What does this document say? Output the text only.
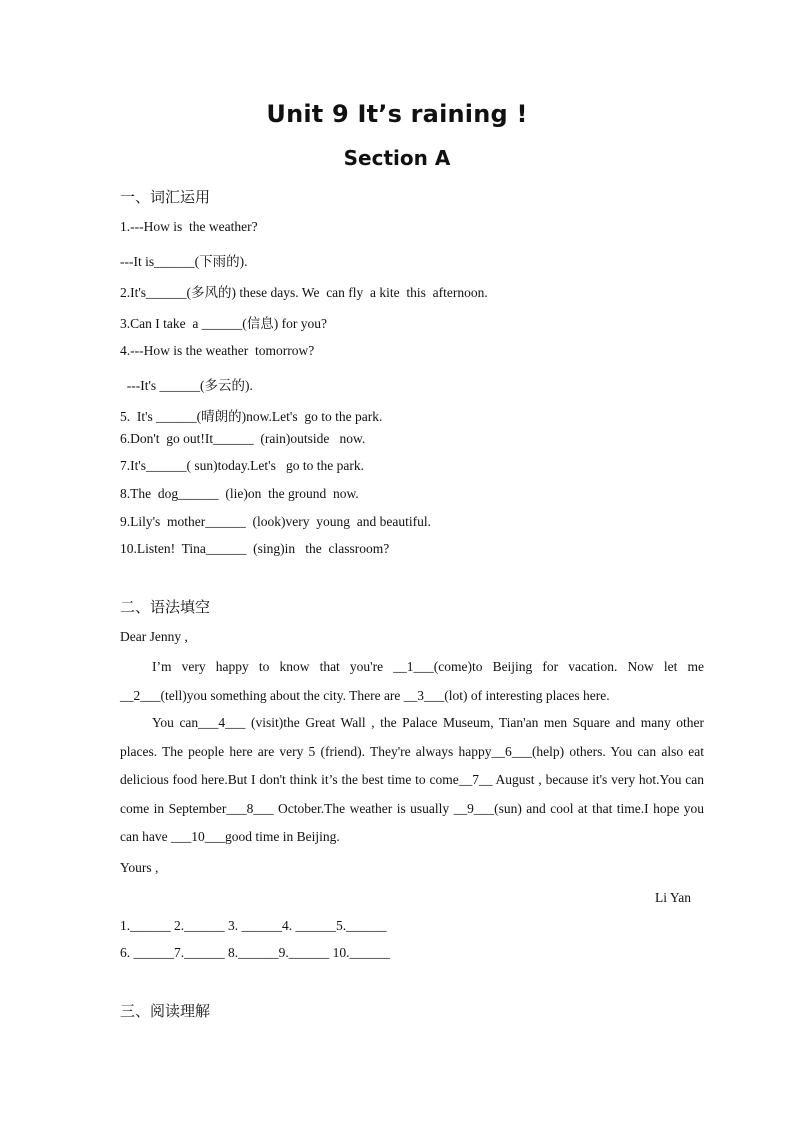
Unit 9 It’s raining !
Section A
一、词汇运用
1.---How is  the weather?
---It is______(下雨的).
2.It's______(多风的) these days. We  can fly  a kite  this  afternoon.
3.Can I take  a ______(信息) for you?
4.---How is the weather  tomorrow?
---It's ______(多云的).
5.  It's ______(晴朗的)now.Let's  go to the park.
6.Don't  go out!It______  (rain)outside   now.
7.It's______( sun)today.Let's   go to the park.
8.The  dog______  (lie)on  the ground  now.
9.Lily's  mother______  (look)very  young  and beautiful.
10.Listen!  Tina______  (sing)in   the  classroom?
二、语法填空
Dear Jenny ,
I’m very happy to know that you're __1___(come)to Beijing for vacation. Now let me __2___(tell)you something about the city. There are __3___(lot) of interesting places here.
You can___4___ (visit)the Great Wall , the Palace Museum, Tian'an men Square and many other places. The people here are very 5 (friend). They're always happy__6___(help) others. You can also eat delicious food here.But I don't think it’s the best time to come__7__ August , because it's very hot.You can come in September___8___ October.The weather is usually __9___(sun) and cool at that time.I hope you can have ___10___good time in Beijing.
Yours ,
Li Yan
1.______ 2.______ 3. ______4. ______5.______
6. ______7.______ 8.______9.______ 10.______
三、阅读理解
